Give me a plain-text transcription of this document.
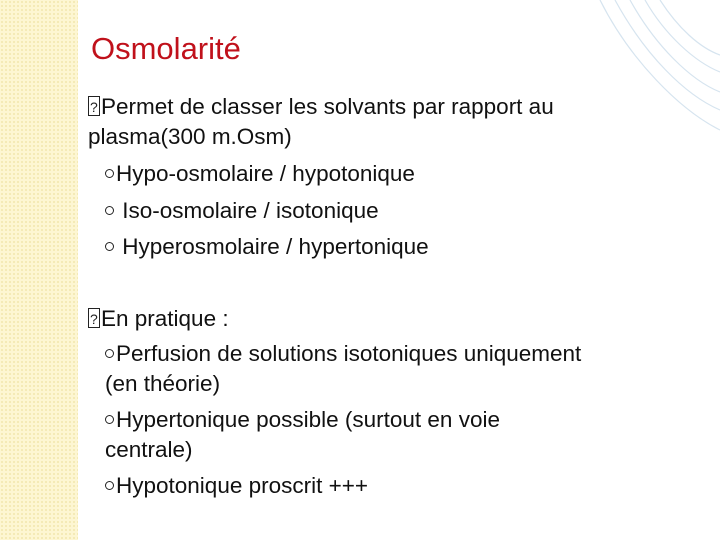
Osmolarité
?Permet de classer les solvants par rapport au
plasma(300 m.Osm)
Hypo-osmolaire / hypotonique
Iso-osmolaire / isotonique
Hyperosmolaire / hypertonique
?En pratique :
Perfusion de solutions isotoniques uniquement
(en théorie)
Hypertonique possible (surtout en voie
centrale)
Hypotonique proscrit +++
